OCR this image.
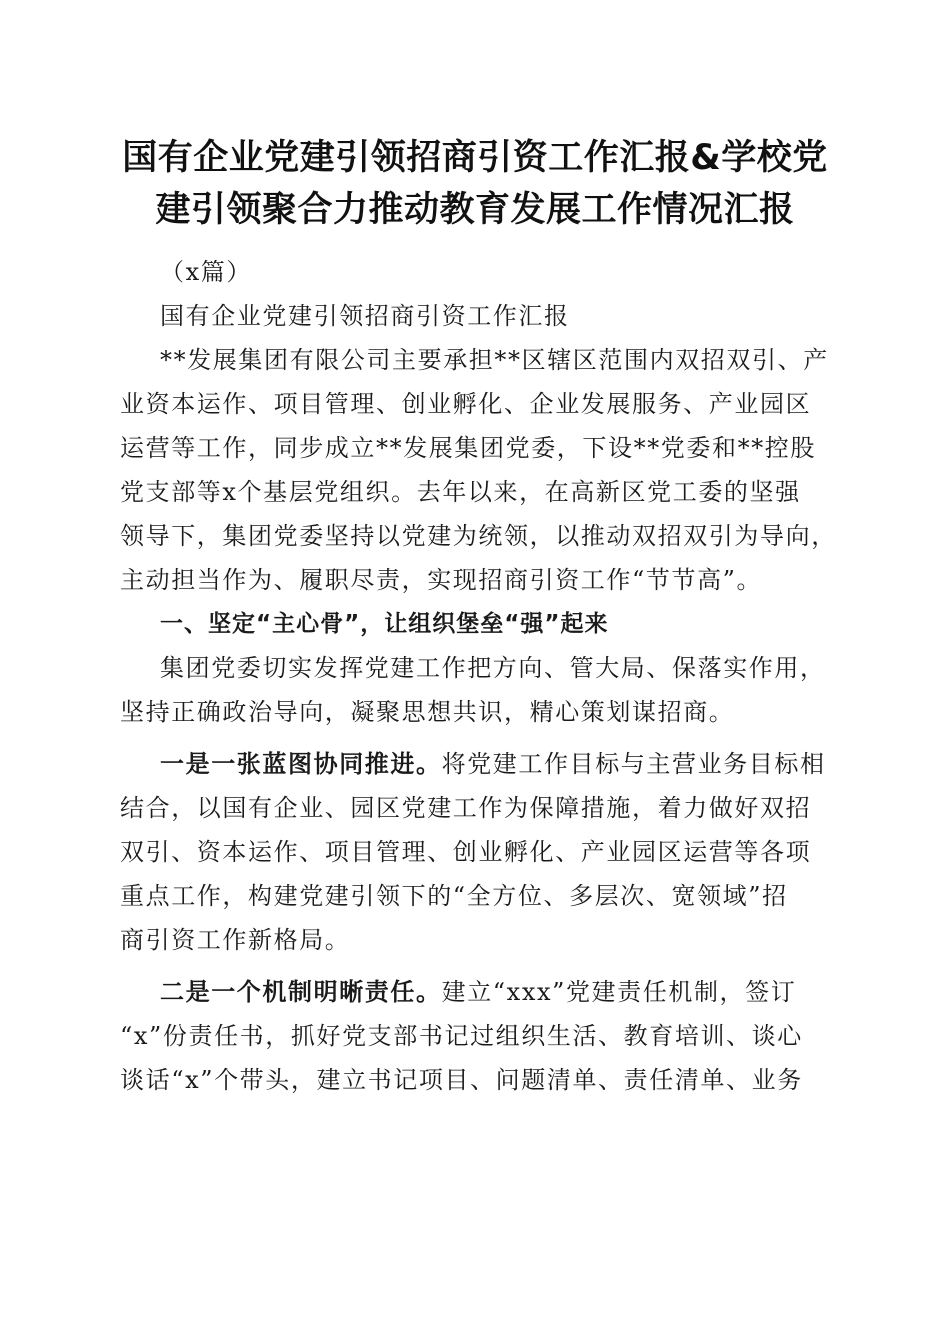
国有企业党建引领招商引资工作汇报&学校党
建引领聚合力推动教育发展工作情况汇报
（x篇）
国有企业党建引领招商引资工作汇报
**发展集团有限公司主要承担**区辖区范围内双招双引、产
业资本运作、项目管理、创业孵化、企业发展服务、产业园区
运营等工作，同步成立**发展集团党委，下设**党委和**控股
党支部等x个基层党组织。去年以来，在高新区党工委的坚强
领导下，集团党委坚持以党建为统领，以推动双招双引为导向，
主动担当作为、履职尽责，实现招商引资工作“节节高”。
一、坚定“主心骨”，让组织堡垒“强”起来
集团党委切实发挥党建工作把方向、管大局、保落实作用，
坚持正确政治导向，凝聚思想共识，精心策划谋招商。
一是一张蓝图协同推进。将党建工作目标与主营业务目标相
结合，以国有企业、园区党建工作为保障措施，着力做好双招
双引、资本运作、项目管理、创业孵化、产业园区运营等各项
重点工作，构建党建引领下的“全方位、多层次、宽领域”招
商引资工作新格局。
二是一个机制明晰责任。建立“xxx”党建责任机制，签订
“x”份责任书，抓好党支部书记过组织生活、教育培训、谈心
谈话“x”个带头，建立书记项目、问题清单、责任清单、业务
